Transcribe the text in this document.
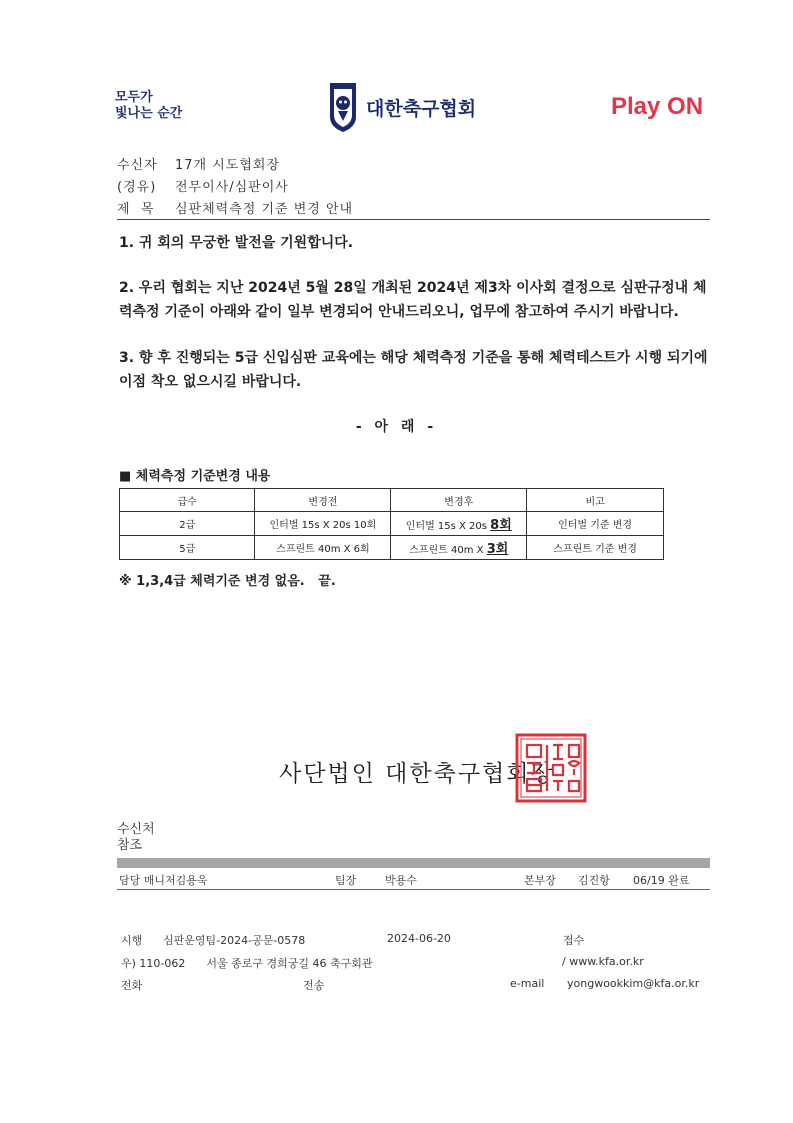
모두가
빛나는 순간	대한축구협회	Play ON
수신자	17개 시도협회장
(경유)	전무이사/심판이사
제  목	심판체력측정 기준 변경 안내
1. 귀 회의 무궁한 발전을 기원합니다.
2. 우리 협회는 지난 2024년 5월 28일 개최된 2024년 제3차 이사회 결정으로 심판규정내 체력측정 기준이 아래와 같이 일부 변경되어 안내드리오니, 업무에 참고하여 주시기 바랍니다.
3. 향 후 진행되는 5급 신입심판 교육에는 해당 체력측정 기준을 통해 체력테스트가 시행 되기에 이점 착오 없으시길 바랍니다.
- 아 래 -
■ 체력측정 기준변경 내용
급수	변경전	변경후	비고
2급	인터벌 15s X 20s 10회	인터벌 15s X 20s 8회	인터벌 기준 변경
5급	스프린트 40m X 6회	스프린트 40m X 3회	스프린트 기준 변경
※ 1,3,4급 체력기준 변경 없음.   끝.
사단법인 대한축구협회장
수신처
참조
담당 매니저김용욱	팀장	박용수	본부장 김진항 06/19 완료
시행 심판운영팀-2024-공문-0578	2024-06-20	접수
우) 110-062      서울 종로구 경희궁길 46 축구회관	/ www.kfa.or.kr
전화	전송	e-mail yongwookkim@kfa.or.kr
